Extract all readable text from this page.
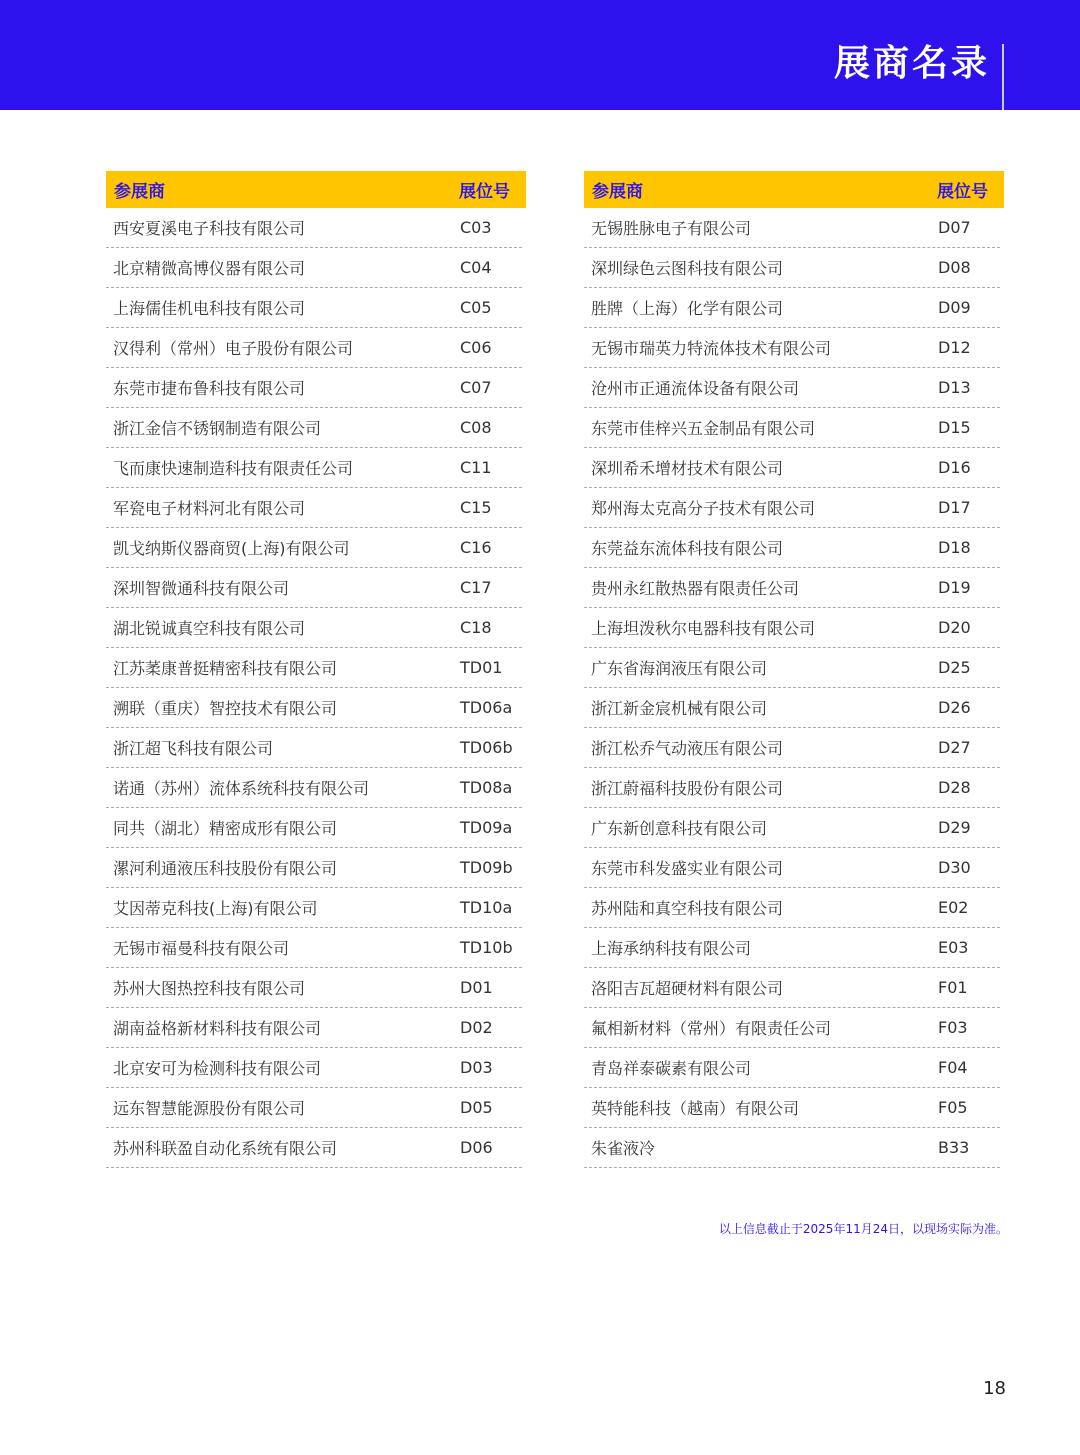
展商名录
参展商	展位号
西安夏溪电子科技有限公司	C03
北京精微高博仪器有限公司	C04
上海儒佳机电科技有限公司	C05
汉得利（常州）电子股份有限公司	C06
东莞市捷布鲁科技有限公司	C07
浙江金信不锈钢制造有限公司	C08
飞而康快速制造科技有限责任公司	C11
军瓷电子材料河北有限公司	C15
凯戈纳斯仪器商贸(上海)有限公司	C16
深圳智微通科技有限公司	C17
湖北锐诚真空科技有限公司	C18
江苏葇康普挺精密科技有限公司	TD01
溯联（重庆）智控技术有限公司	TD06a
浙江超飞科技有限公司	TD06b
诺通（苏州）流体系统科技有限公司	TD08a
同共（湖北）精密成形有限公司	TD09a
漯河利通液压科技股份有限公司	TD09b
艾因蒂克科技(上海)有限公司	TD10a
无锡市福曼科技有限公司	TD10b
苏州大图热控科技有限公司	D01
湖南益格新材料科技有限公司	D02
北京安可为检测科技有限公司	D03
远东智慧能源股份有限公司	D05
苏州科联盈自动化系统有限公司	D06
参展商	展位号
无锡胜脉电子有限公司	D07
深圳绿色云图科技有限公司	D08
胜牌（上海）化学有限公司	D09
无锡市瑞英力特流体技术有限公司	D12
沧州市正通流体设备有限公司	D13
东莞市佳梓兴五金制品有限公司	D15
深圳希禾增材技术有限公司	D16
郑州海太克高分子技术有限公司	D17
东莞益东流体科技有限公司	D18
贵州永红散热器有限责任公司	D19
上海坦泼秋尔电器科技有限公司	D20
广东省海润液压有限公司	D25
浙江新金宸机械有限公司	D26
浙江松乔气动液压有限公司	D27
浙江蔚福科技股份有限公司	D28
广东新创意科技有限公司	D29
东莞市科发盛实业有限公司	D30
苏州陆和真空科技有限公司	E02
上海承纳科技有限公司	E03
洛阳吉瓦超硬材料有限公司	F01
氟相新材料（常州）有限责任公司	F03
青岛祥泰碳素有限公司	F04
英特能科技（越南）有限公司	F05
朱雀液冷	B33
以上信息截止于2025年11月24日，以现场实际为准。
18
